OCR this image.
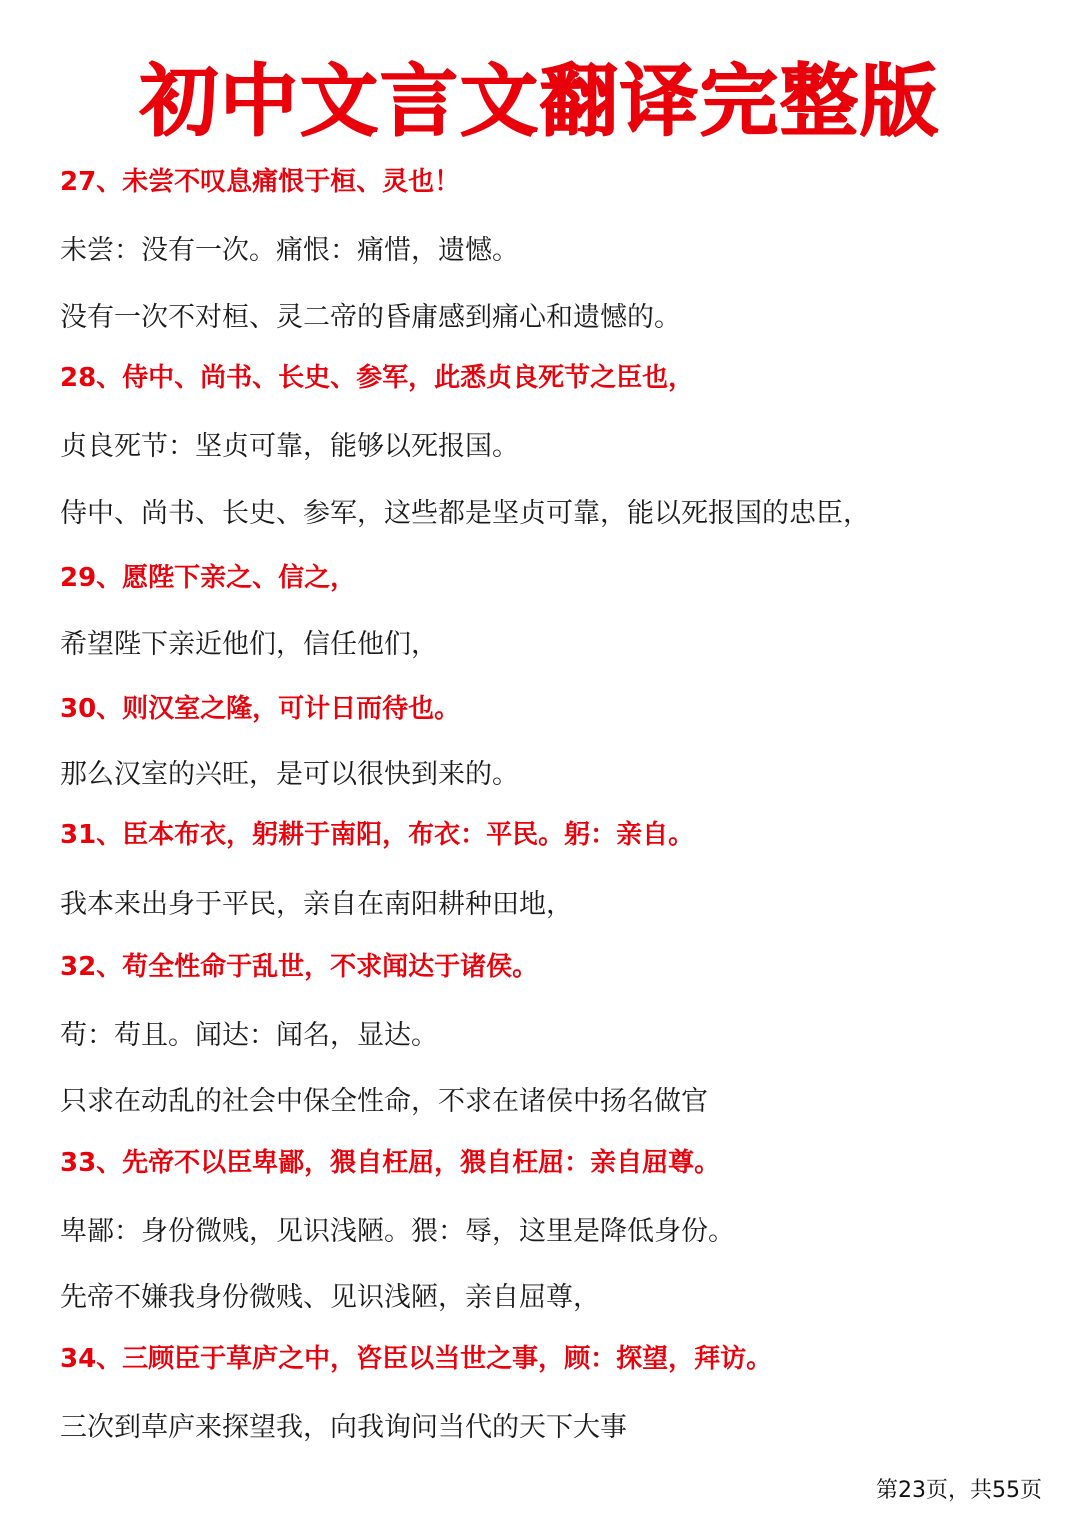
初中文言文翻译完整版
27、未尝不叹息痛恨于桓、灵也！
未尝：没有一次。痛恨：痛惜，遗憾。
没有一次不对桓、灵二帝的昏庸感到痛心和遗憾的。
28、侍中、尚书、长史、参军，此悉贞良死节之臣也，
贞良死节：坚贞可靠，能够以死报国。
侍中、尚书、长史、参军，这些都是坚贞可靠，能以死报国的忠臣，
29、愿陛下亲之、信之，
希望陛下亲近他们，信任他们，
30、则汉室之隆，可计日而待也。
那么汉室的兴旺，是可以很快到来的。
31、臣本布衣，躬耕于南阳，布衣：平民。躬：亲自。
我本来出身于平民，亲自在南阳耕种田地，
32、苟全性命于乱世，不求闻达于诸侯。
苟：苟且。闻达：闻名，显达。
只求在动乱的社会中保全性命，不求在诸侯中扬名做官
33、先帝不以臣卑鄙，猥自枉屈，猥自枉屈：亲自屈尊。
卑鄙：身份微贱，见识浅陋。猥：辱，这里是降低身份。
先帝不嫌我身份微贱、见识浅陋，亲自屈尊，
34、三顾臣于草庐之中，咨臣以当世之事，顾：探望，拜访。
三次到草庐来探望我，向我询问当代的天下大事
第23页，共55页
